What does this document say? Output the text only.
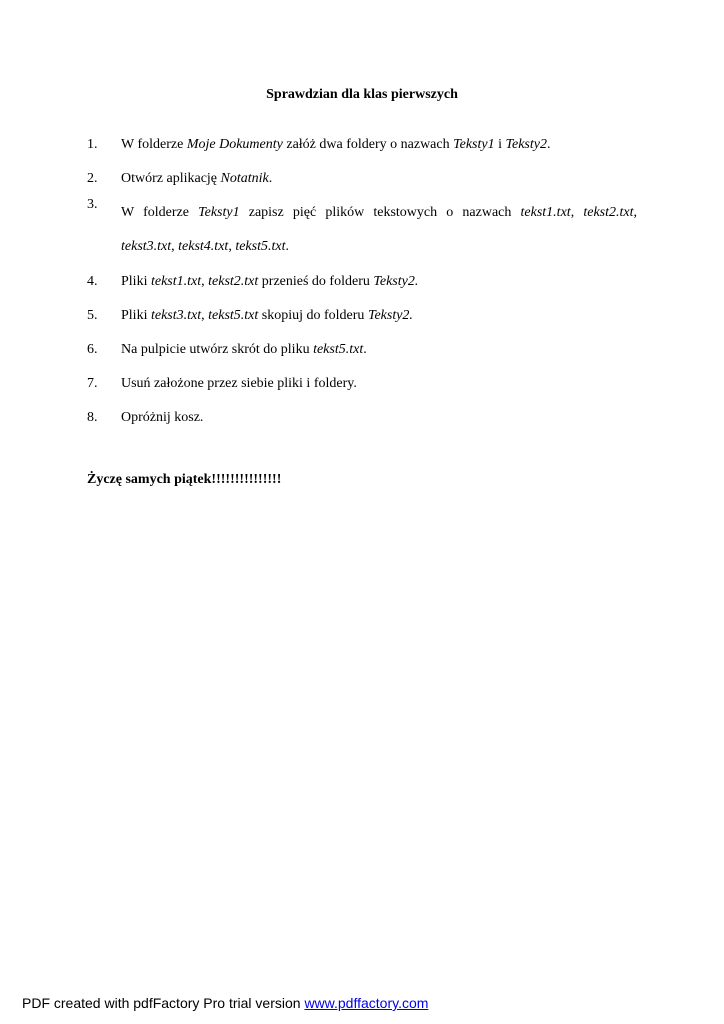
Sprawdzian dla klas pierwszych
1.	W folderze Moje Dokumenty załóż dwa foldery o nazwach Teksty1 i Teksty2.
2.	Otwórz aplikację Notatnik.
3.
W folderze Teksty1 zapisz pięć plików tekstowych o nazwach tekst1.txt, tekst2.txt, tekst3.txt, tekst4.txt, tekst5.txt.
4.	Pliki tekst1.txt, tekst2.txt przenieś do folderu Teksty2.
5.	Pliki tekst3.txt, tekst5.txt skopiuj do folderu Teksty2.
6.	Na pulpicie utwórz skrót do pliku tekst5.txt.
7.	Usuń założone przez siebie pliki i foldery.
8.	Opróżnij kosz.
Życzę samych piątek!!!!!!!!!!!!!!!
PDF created with pdfFactory Pro trial version www.pdffactory.com
